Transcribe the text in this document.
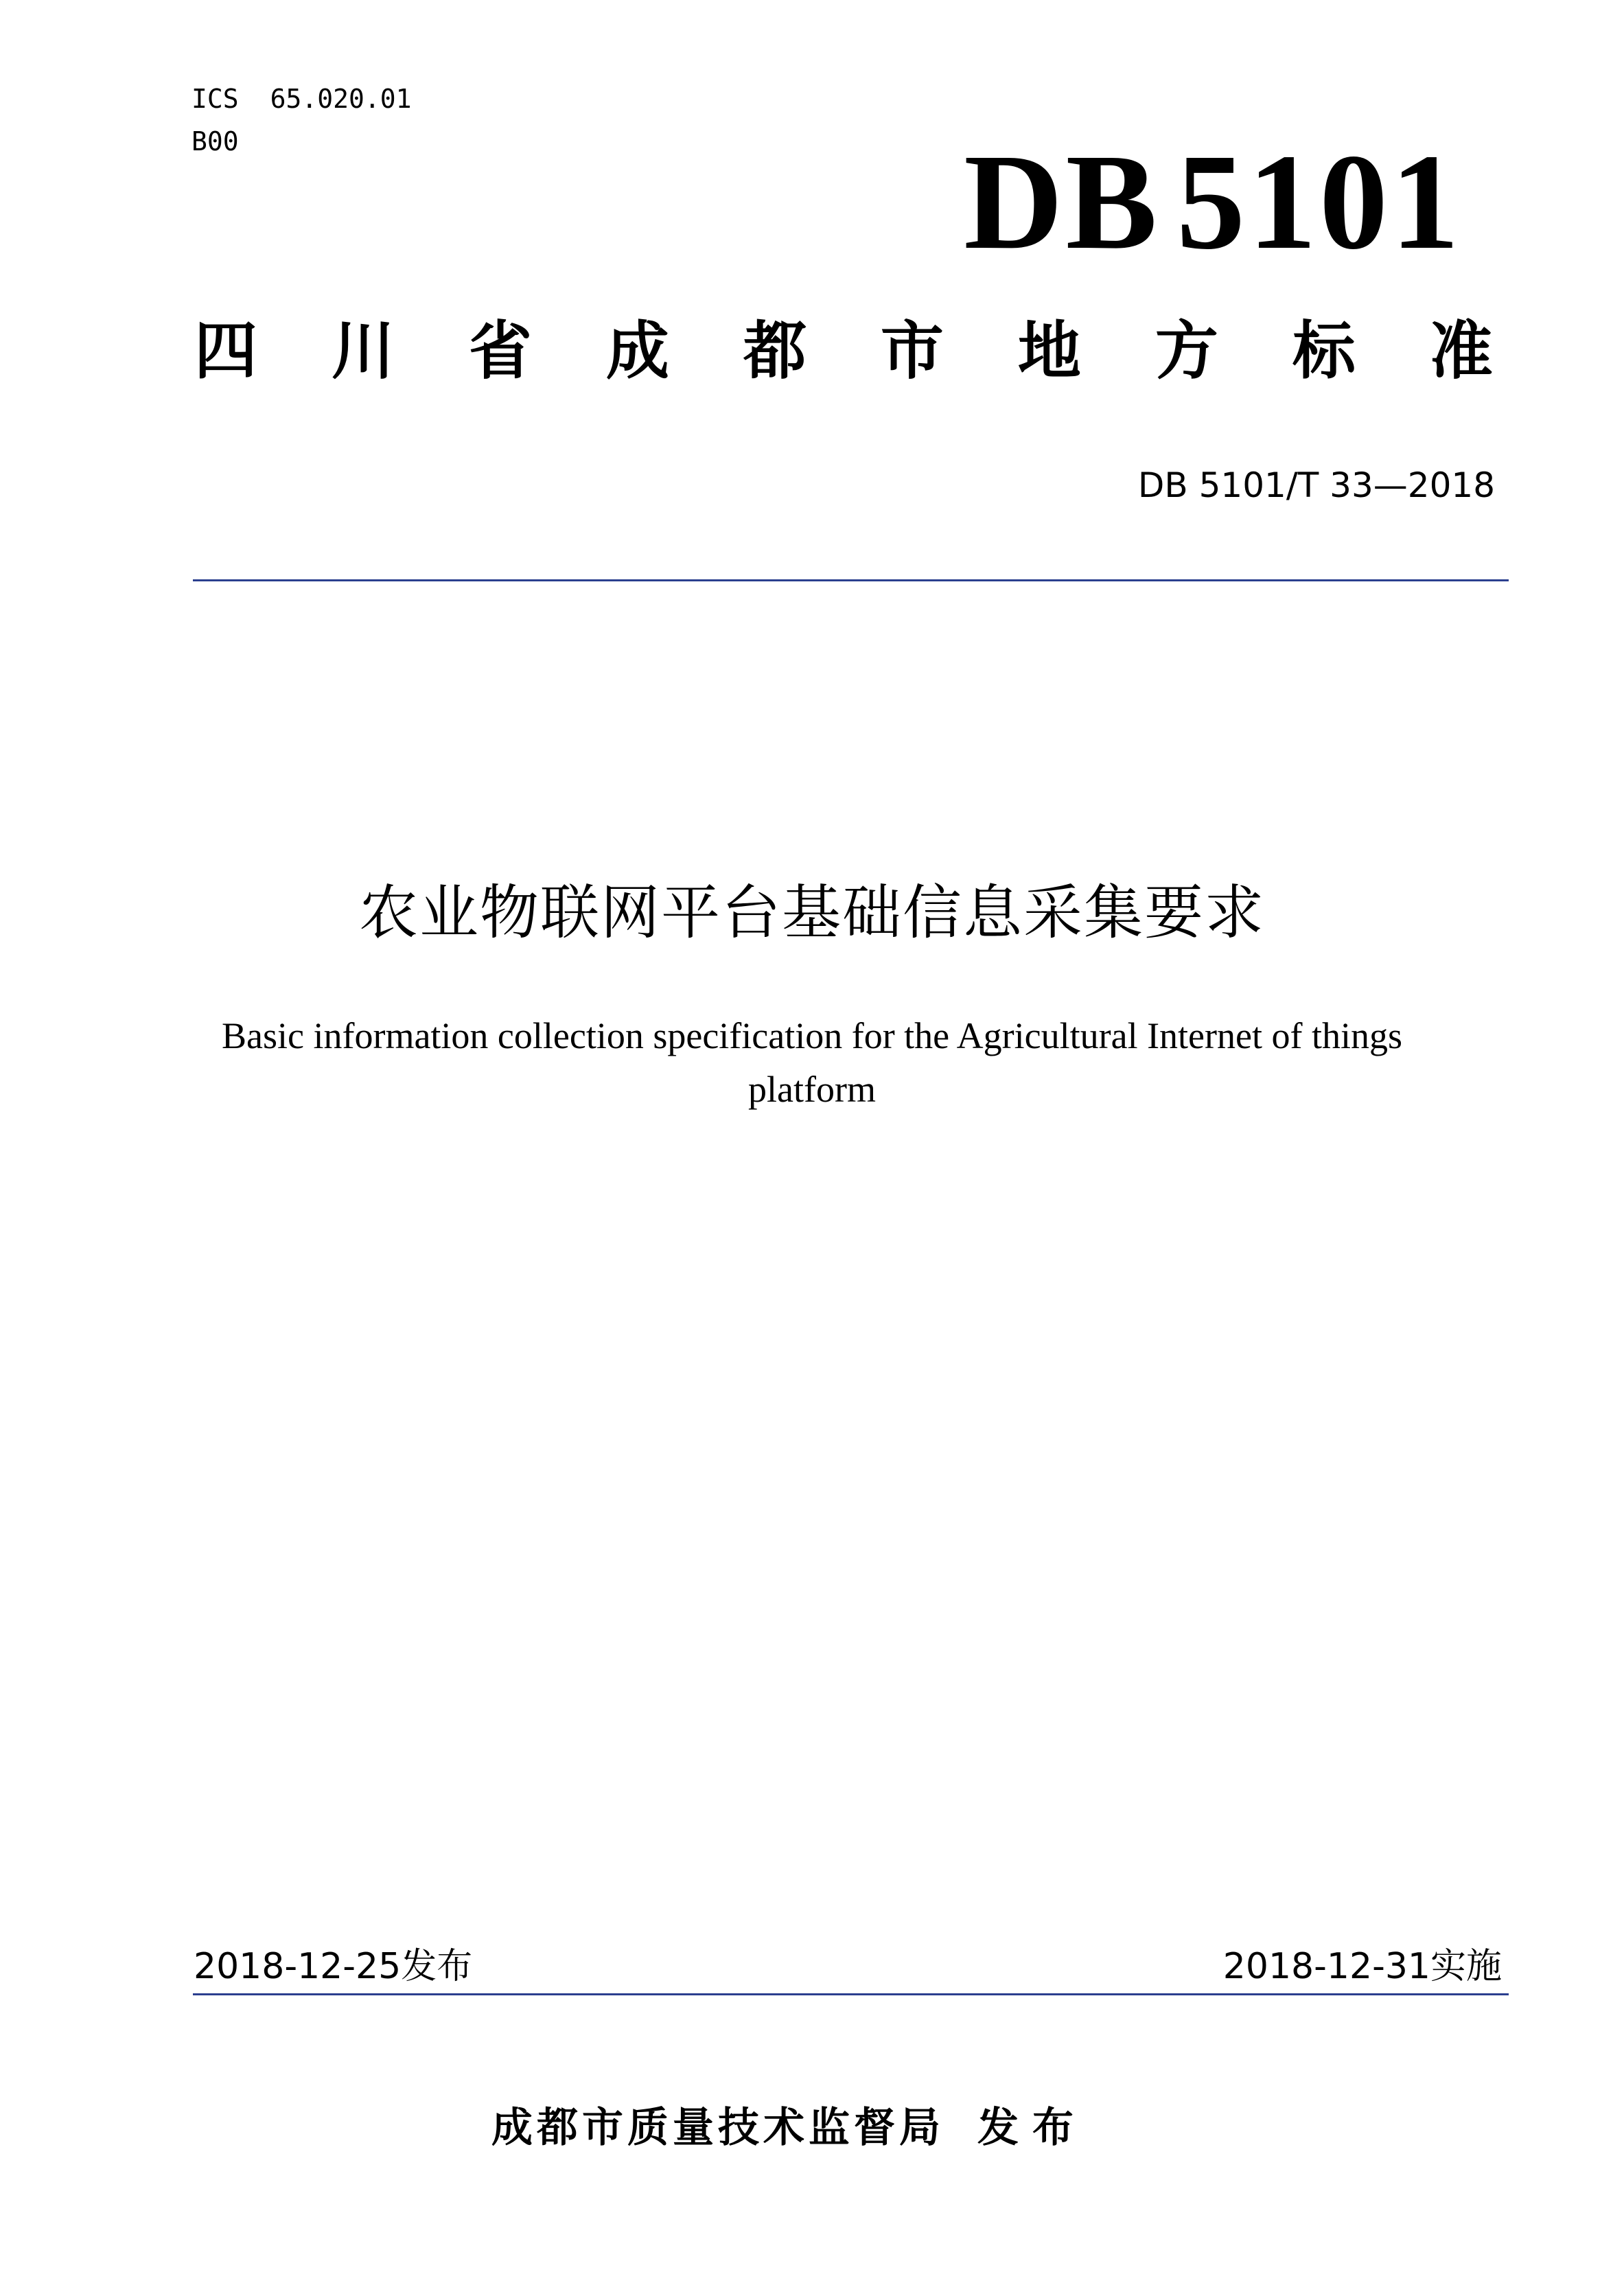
ICS 65.020.01
B00	DB 5101
四 川 省 成 都 市 地 方 标 准
DB 5101/T 33—2018
农业物联网平台基础信息采集要求
Basic information collection specification for the Agricultural Internet of things platform
2018-12-25发布	2018-12-31实施
成都市质量技术监督局 发布
